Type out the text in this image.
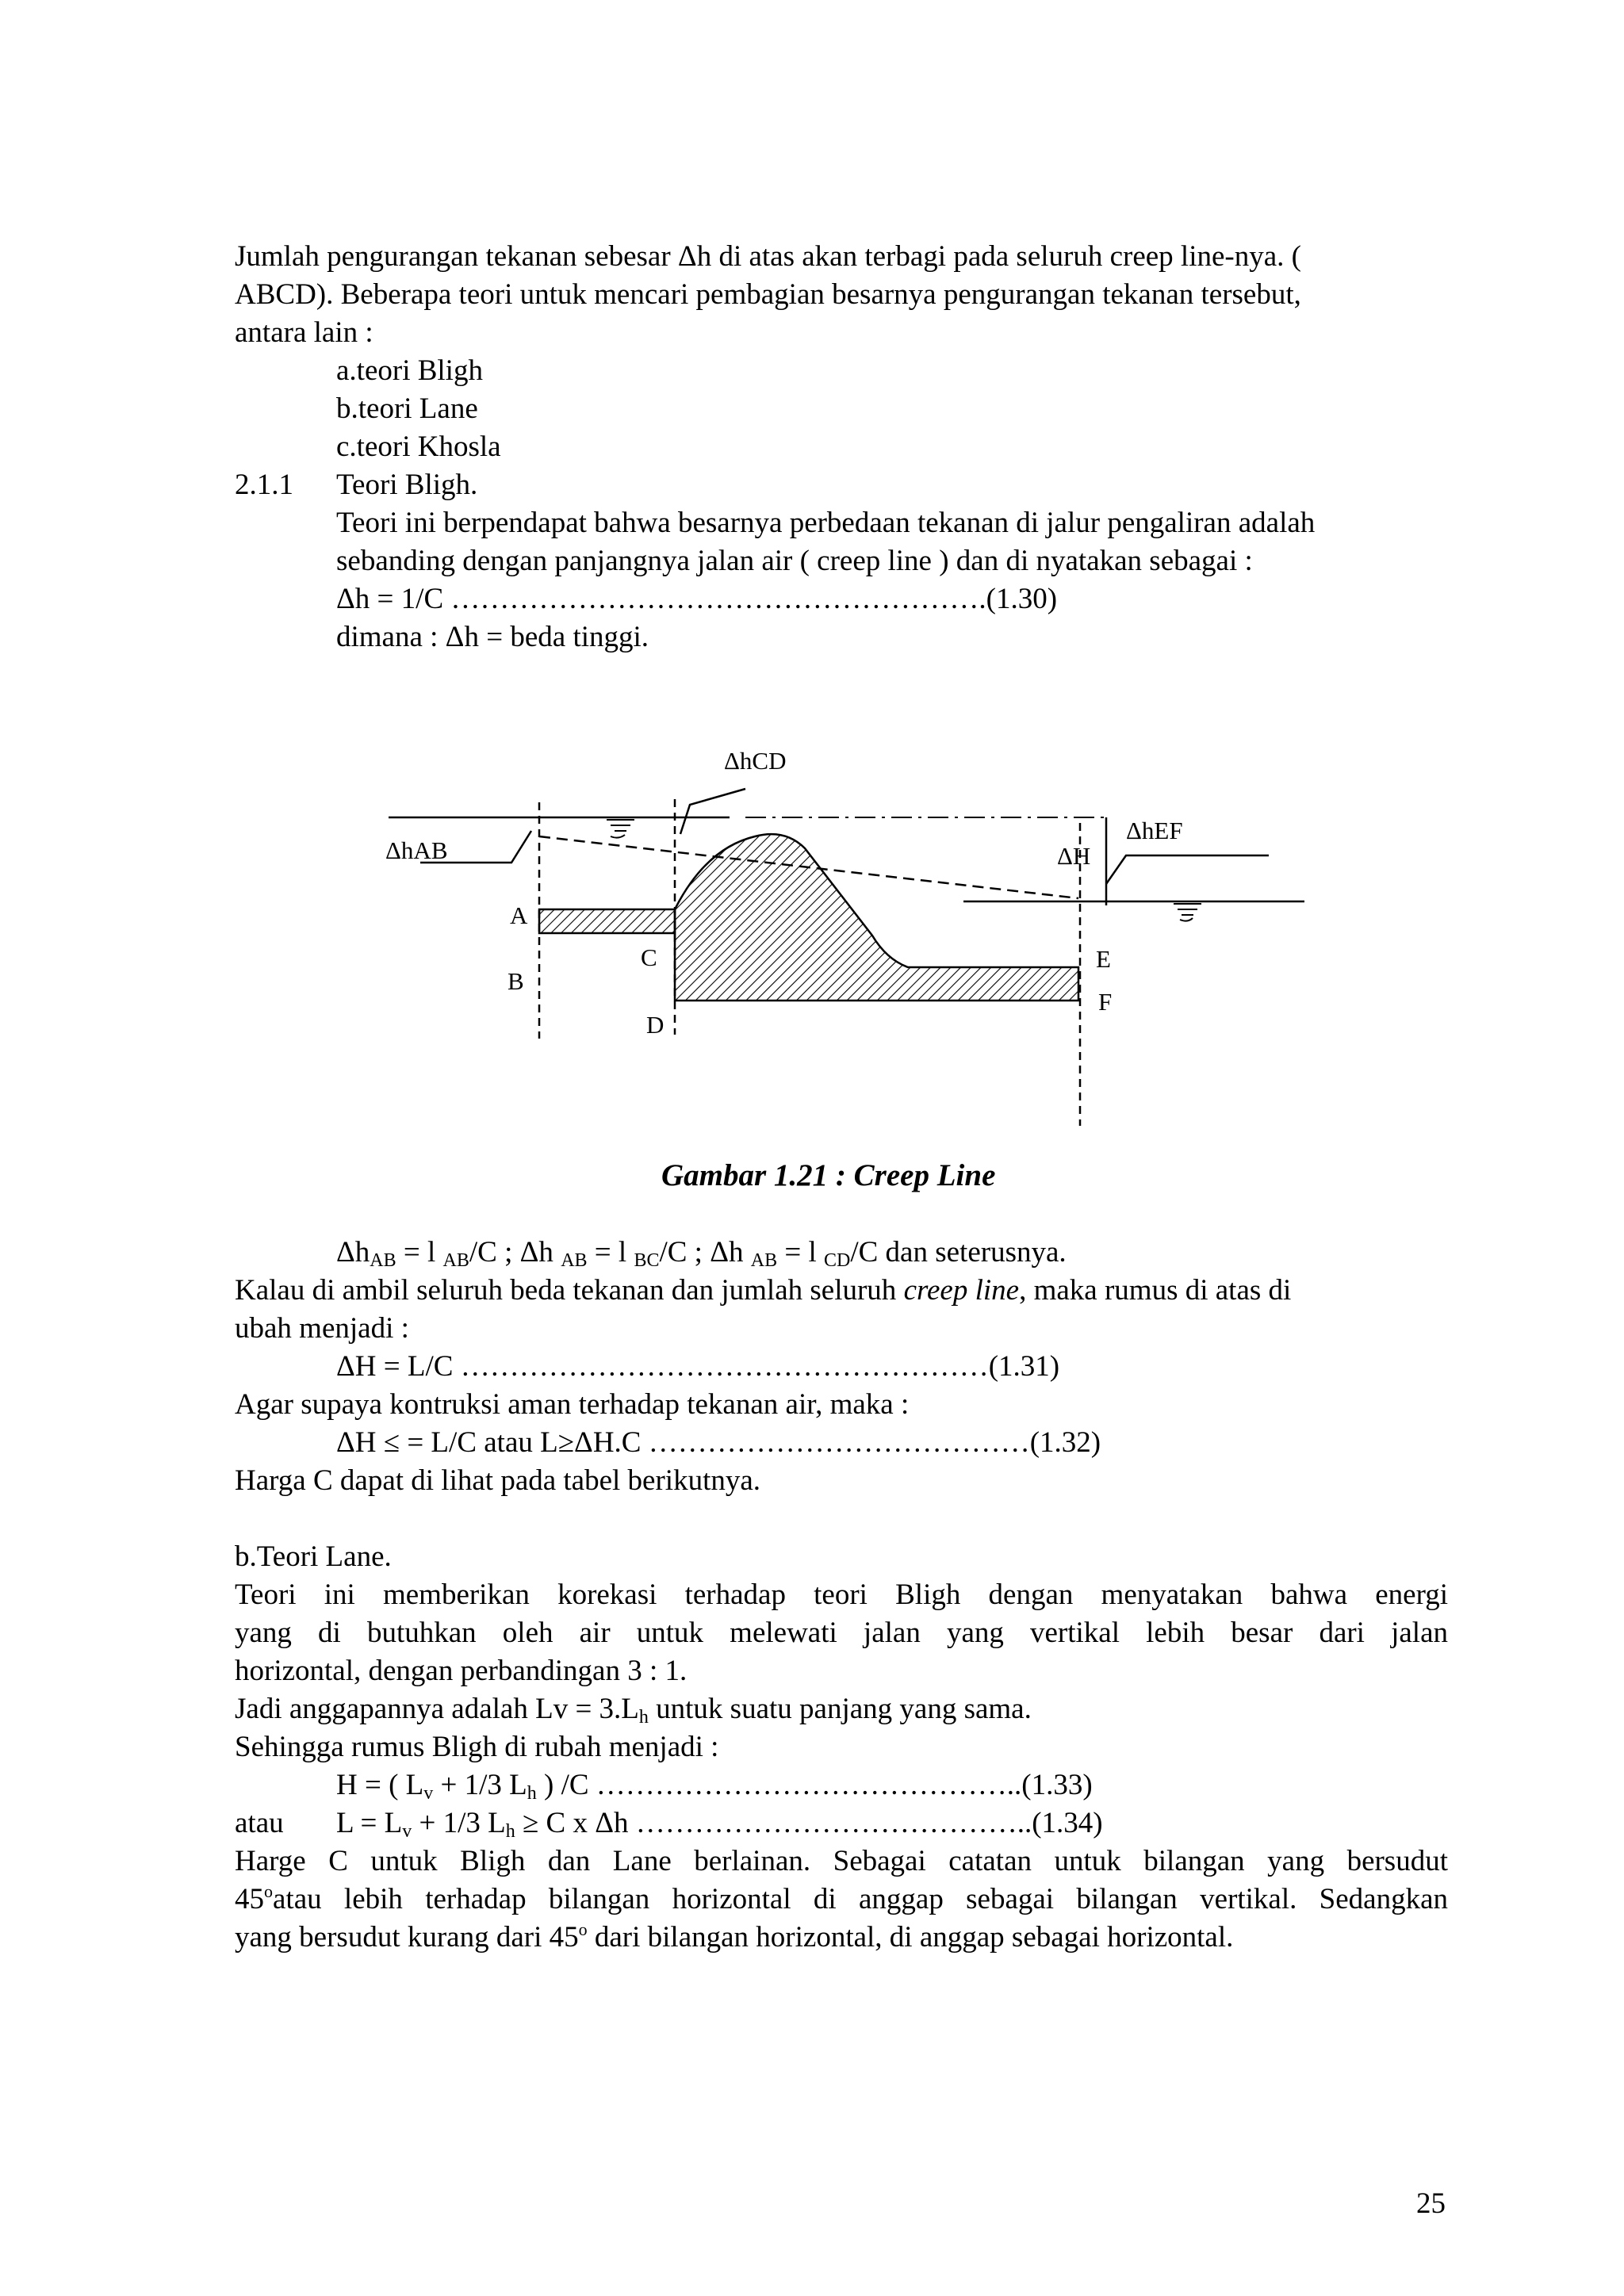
Jumlah pengurangan tekanan sebesar Δh di atas akan terbagi pada seluruh creep line-nya. (
ABCD). Beberapa teori untuk mencari pembagian besarnya pengurangan tekanan tersebut,
antara lain :
a.teori Bligh
b.teori Lane
c.teori Khosla
2.1.1 Teori Bligh.
Teori ini berpendapat bahwa besarnya perbedaan tekanan di jalur pengaliran adalah
sebanding dengan panjangnya jalan air ( creep line ) dan di nyatakan sebagai :
Δh = 1/C ……………………………………………….(1.30)
dimana : Δh = beda tinggi.
ΔhCD
ΔhAB	ΔH
ΔhEF
A
B
C
D
E
F
Gambar 1.21 : Creep Line
$\Delta h_{AB} = l$ $_{AB}$/C ; Δh $_{AB}$ = l $_{BC}$/C ; Δh $_{AB}$ = l $_{CD}$/C dan seterusnya.
Kalau di ambil seluruh beda tekanan dan jumlah seluruh creep line, maka rumus di atas di
ubah menjadi :
ΔH = L/C ………………………………………………(1.31)
Agar supaya kontruksi aman terhadap tekanan air, maka :
ΔH ≤ = L/C atau L≥ΔH.C …………………………………(1.32)
Harga C dapat di lihat pada tabel berikutnya.
b.Teori Lane.
Teori ini memberikan korekasi terhadap teori Bligh dengan menyatakan bahwa energi
yang di butuhkan oleh air untuk melewati jalan yang vertikal lebih besar dari jalan
horizontal, dengan perbandingan 3 : 1.
Jadi anggapannya adalah $Lv = 3.L_h$ untuk suatu panjang yang sama.
Sehingga rumus Bligh di rubah menjadi :
H = ( $L_v + 1/3$ $L_h$ ) /C ……………………………………..(1.33)
atau $L = L_v + 1/3$ $L_h \ge C$ x Δh …………………………………..(1.34)
Harge C untuk Bligh dan Lane berlainan. Sebagai catatan untuk bilangan yang bersudut
45$^o$atau lebih terhadap bilangan horizontal di anggap sebagai bilangan vertikal. Sedangkan
yang bersudut kurang dari 45$^o$ dari bilangan horizontal, di anggap sebagai horizontal.
25
